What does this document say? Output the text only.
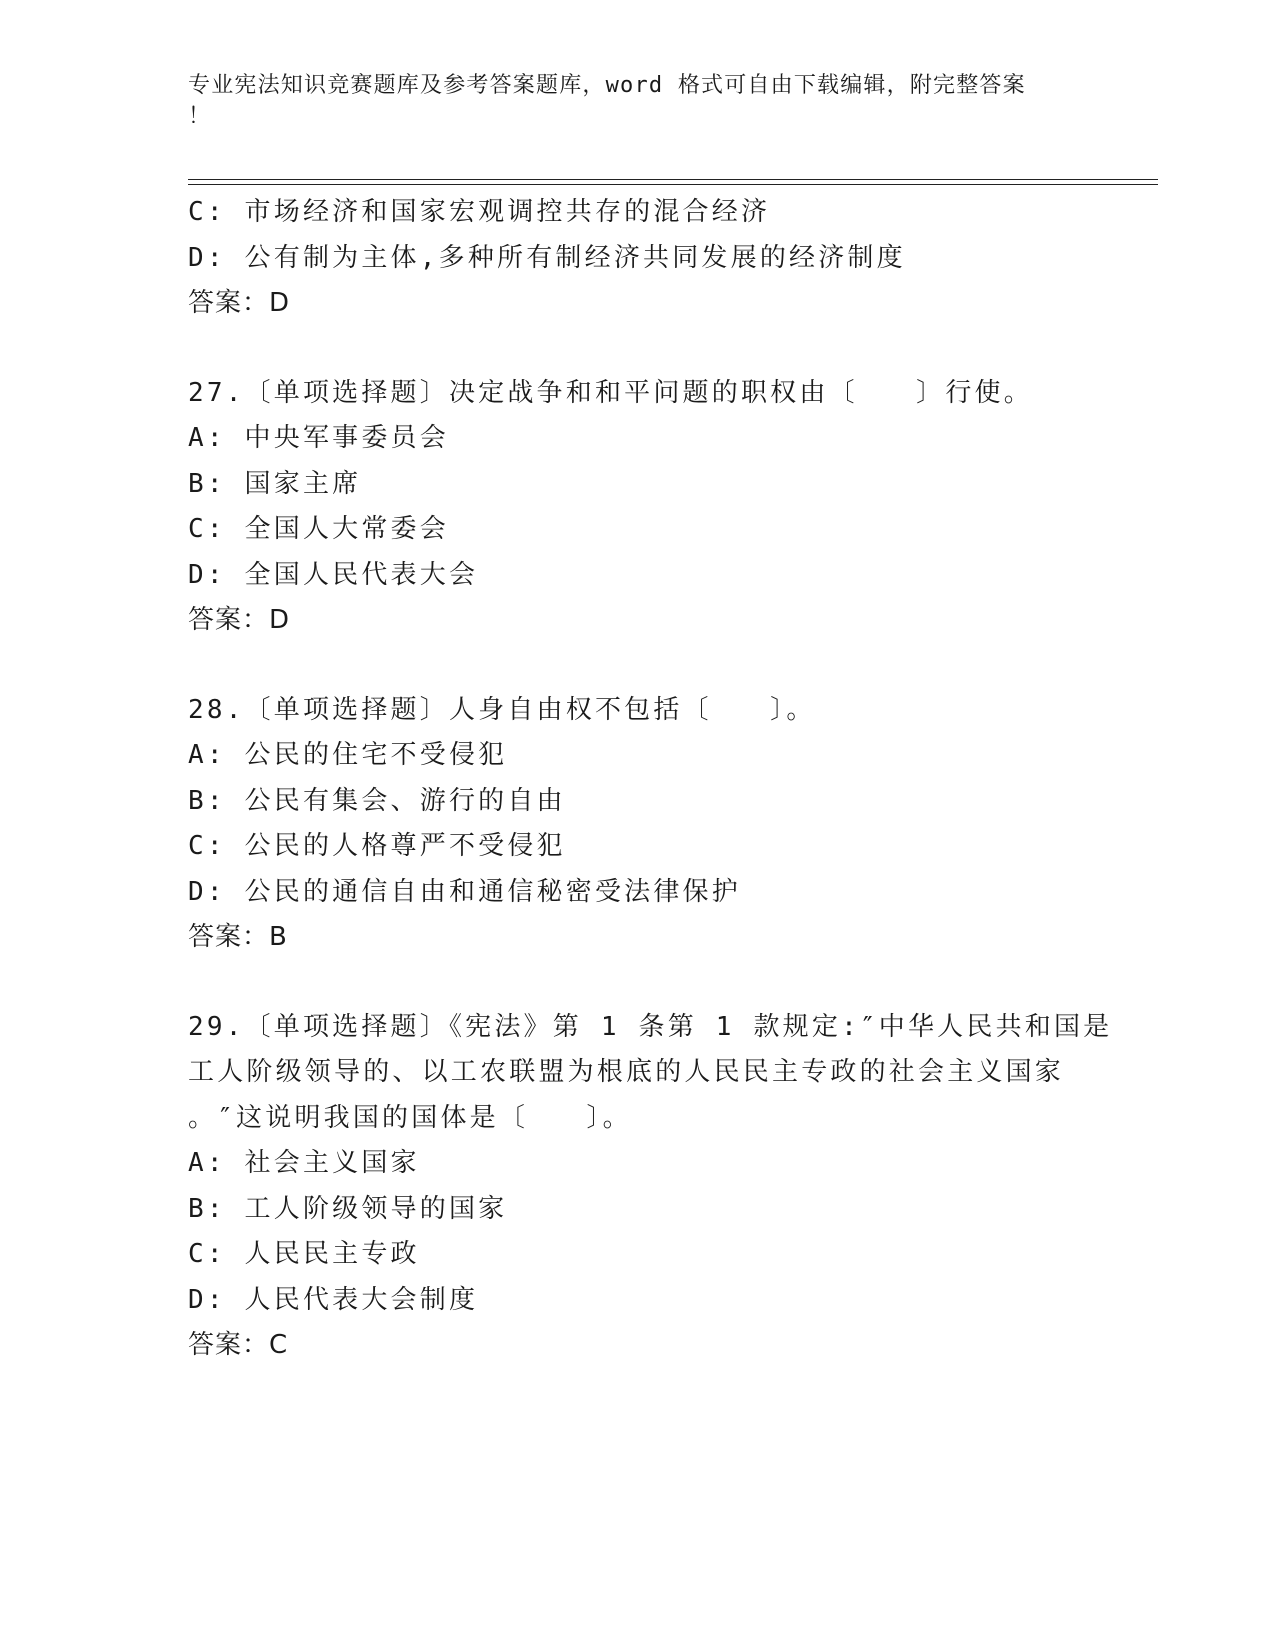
专业宪法知识竞赛题库及参考答案题库，word 格式可自由下载编辑，附完整答案
！
C: 市场经济和国家宏观调控共存的混合经济
D: 公有制为主体,多种所有制经济共同发展的经济制度
答案：D
27.〔单项选择题〕决定战争和和平问题的职权由〔　　〕行使。
A: 中央军事委员会
B: 国家主席
C: 全国人大常委会
D: 全国人民代表大会
答案：D
28.〔单项选择题〕人身自由权不包括〔　　〕。
A: 公民的住宅不受侵犯
B: 公民有集会、游行的自由
C: 公民的人格尊严不受侵犯
D: 公民的通信自由和通信秘密受法律保护
答案：B
29.〔单项选择题〕《宪法》第 1 条第 1 款规定:″中华人民共和国是
工人阶级领导的、以工农联盟为根底的人民民主专政的社会主义国家
。″这说明我国的国体是〔　　〕。
A: 社会主义国家
B: 工人阶级领导的国家
C: 人民民主专政
D: 人民代表大会制度
答案：C
